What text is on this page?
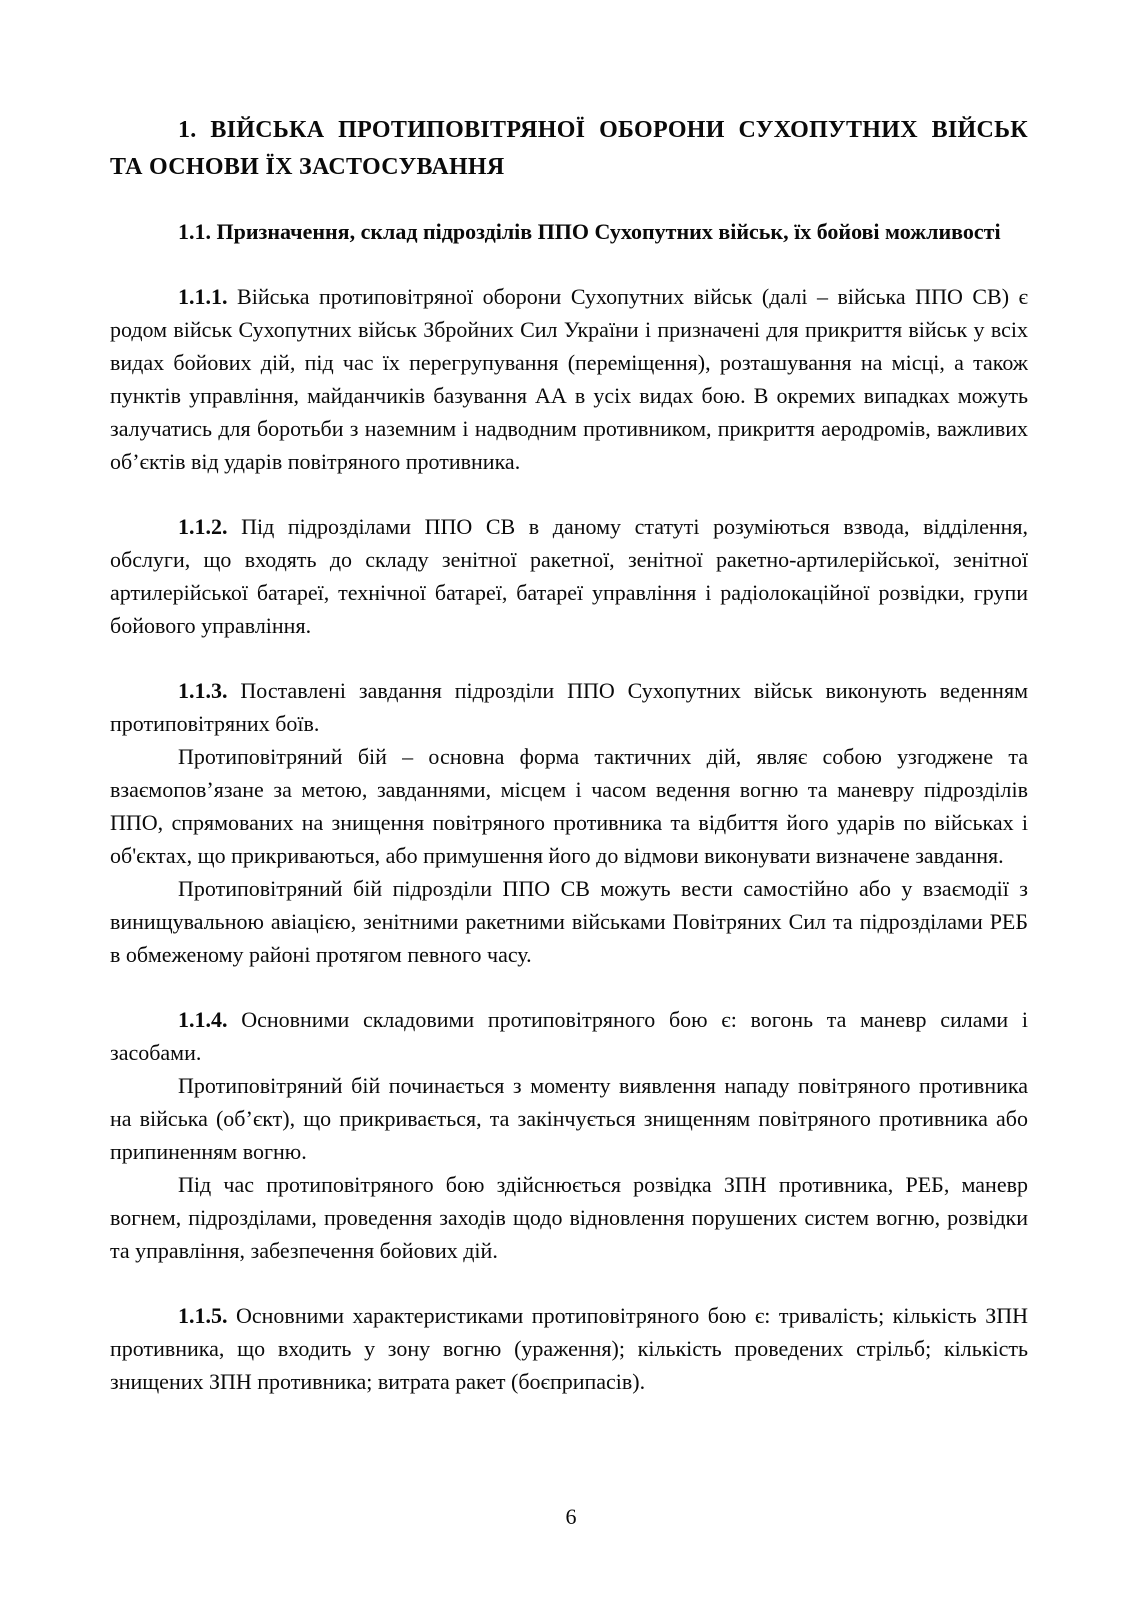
1. ВІЙСЬКА ПРОТИПОВІТРЯНОЇ ОБОРОНИ СУХОПУТНИХ ВІЙСЬК ТА ОСНОВИ ЇХ ЗАСТОСУВАННЯ
1.1. Призначення, склад підрозділів ППО Сухопутних військ, їх бойові можливості

1.1.1. Війська протиповітряної оборони Сухопутних військ (далі – війська ППО СВ) є родом військ Сухопутних військ Збройних Сил України і призначені для прикриття військ у всіх видах бойових дій, під час їх перегрупування (переміщення), розташування на місці, а також пунктів управління, майданчиків базування АА в усіх видах бою. В окремих випадках можуть залучатись для боротьби з наземним і надводним противником, прикриття аеродромів, важливих об’єктів від ударів повітряного противника.

1.1.2. Під підрозділами ППО СВ в даному статуті розуміються взвода, відділення, обслуги, що входять до складу зенітної ракетної, зенітної ракетно-артилерійської, зенітної артилерійської батареї, технічної батареї, батареї управління і радіолокаційної розвідки, групи бойового управління.

1.1.3. Поставлені завдання підрозділи ППО Сухопутних військ виконують веденням протиповітряних боїв.

Протиповітряний бій – основна форма тактичних дій, являє собою узгоджене та взаємопов’язане за метою, завданнями, місцем і часом ведення вогню та маневру підрозділів ППО, спрямованих на знищення повітряного противника та відбиття його ударів по військах і об'єктах, що прикриваються, або примушення його до відмови виконувати визначене завдання.

Протиповітряний бій підрозділи ППО СВ можуть вести самостійно або у взаємодії з винищувальною авіацією, зенітними ракетними військами Повітряних Сил та підрозділами РЕБ в обмеженому районі протягом певного часу.

1.1.4. Основними складовими протиповітряного бою є: вогонь та маневр силами і засобами.

Протиповітряний бій починається з моменту виявлення нападу повітряного противника на війська (об’єкт), що прикривається, та закінчується знищенням повітряного противника або припиненням вогню.

Під час протиповітряного бою здійснюється розвідка ЗПН противника, РЕБ, маневр вогнем, підрозділами, проведення заходів щодо відновлення порушених систем вогню, розвідки та управління, забезпечення бойових дій.

1.1.5. Основними характеристиками протиповітряного бою є: тривалість; кількість ЗПН противника, що входить у зону вогню (ураження); кількість проведених стрільб; кількість знищених ЗПН противника; витрата ракет (боєприпасів).

6
